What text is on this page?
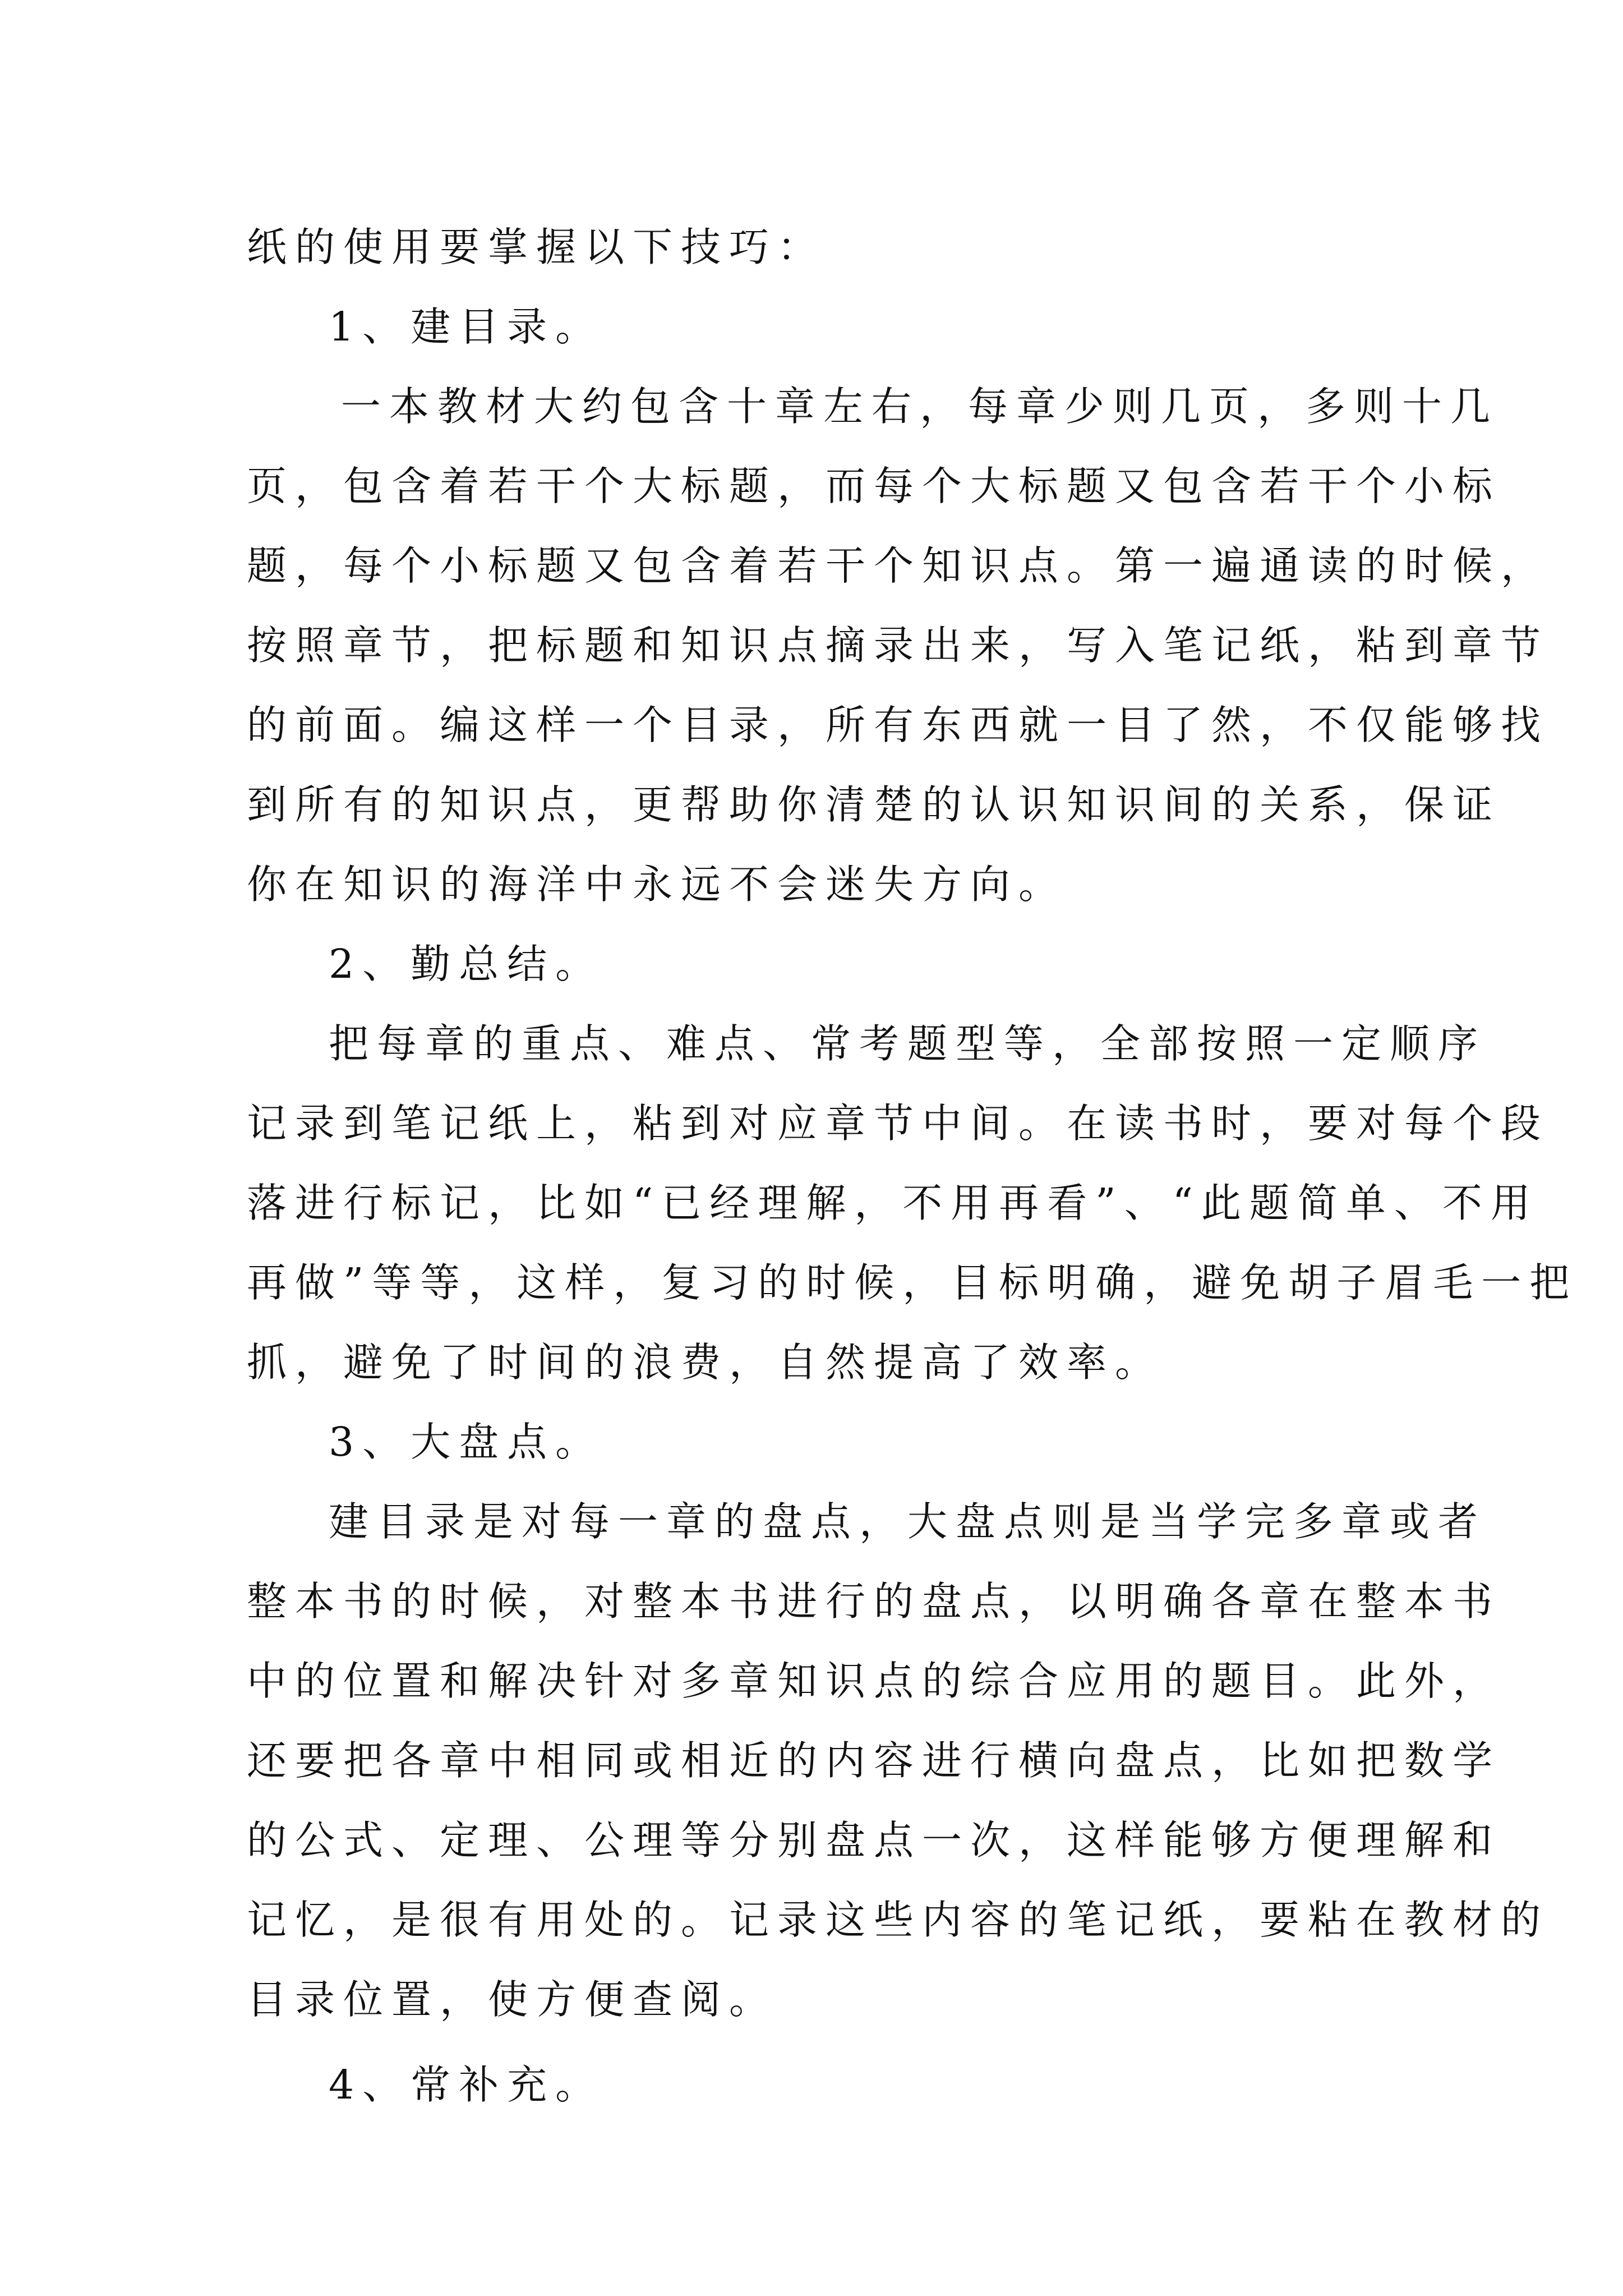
纸的使用要掌握以下技巧：
1、建目录。
一本教材大约包含十章左右，每章少则几页，多则十几
页，包含着若干个大标题，而每个大标题又包含若干个小标
题，每个小标题又包含着若干个知识点。第一遍通读的时候，
按照章节，把标题和知识点摘录出来，写入笔记纸，粘到章节
的前面。编这样一个目录，所有东西就一目了然，不仅能够找
到所有的知识点，更帮助你清楚的认识知识间的关系，保证
你在知识的海洋中永远不会迷失方向。
2、勤总结。
把每章的重点、难点、常考题型等，全部按照一定顺序
记录到笔记纸上，粘到对应章节中间。在读书时，要对每个段
落进行标记，比如“已经理解，不用再看”、“此题简单、不用
再做”等等，这样，复习的时候，目标明确，避免胡子眉毛一把
抓，避免了时间的浪费，自然提高了效率。
3、大盘点。
建目录是对每一章的盘点，大盘点则是当学完多章或者
整本书的时候，对整本书进行的盘点，以明确各章在整本书
中的位置和解决针对多章知识点的综合应用的题目。此外，
还要把各章中相同或相近的内容进行横向盘点，比如把数学
的公式、定理、公理等分别盘点一次，这样能够方便理解和
记忆，是很有用处的。记录这些内容的笔记纸，要粘在教材的
目录位置，使方便查阅。
4、常补充。
